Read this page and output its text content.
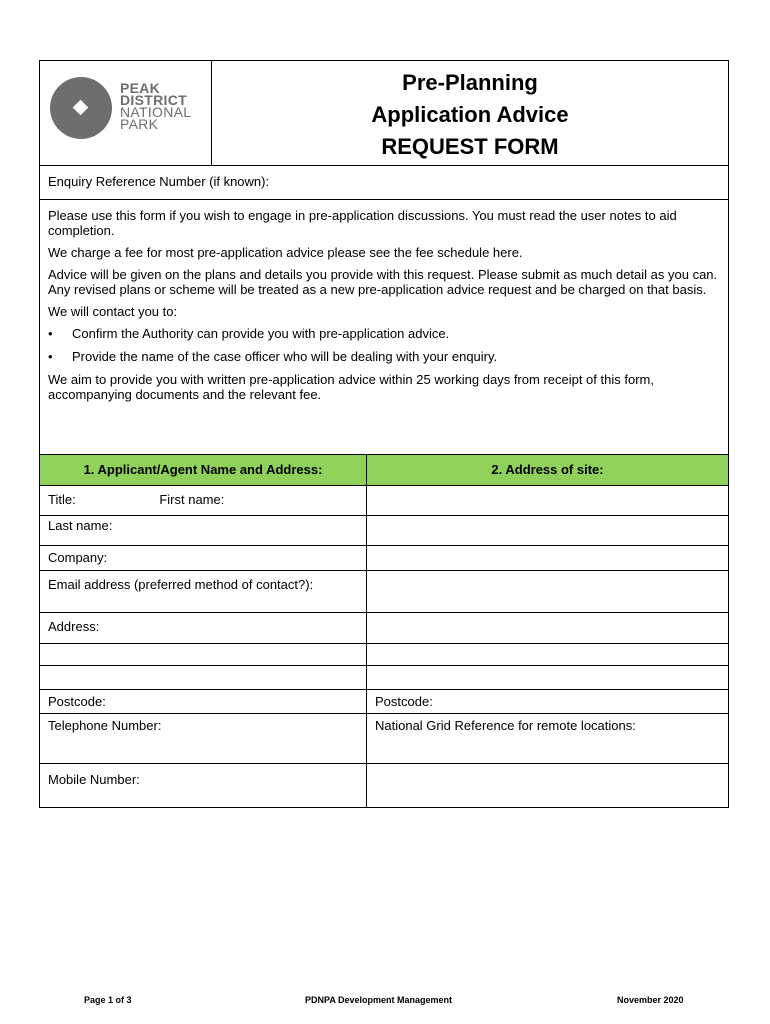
PEAK
DISTRICT
NATIONAL
PARK
Pre-Planning
Application Advice
REQUEST FORM
Enquiry Reference Number (if known):

Please use this form if you wish to engage in pre-application discussions. You must read the user notes to aid completion.

We charge a fee for most pre-application advice please see the fee schedule here.

Advice will be given on the plans and details you provide with this request. Please submit as much detail as you can. Any revised plans or scheme will be treated as a new pre-application advice request and be charged on that basis.

We will contact you to:

• Confirm the Authority can provide you with pre-application advice.
• Provide the name of the case officer who will be dealing with your enquiry.

We aim to provide you with written pre-application advice within 25 working days from receipt of this form, accompanying documents and the relevant fee.

1. Applicant/Agent Name and Address:	2. Address of site:
Title:	First name:
Last name:
Company:
Email address (preferred method of contact?):
Address:
Postcode:	Postcode:
Telephone Number:	National Grid Reference for remote locations:
Mobile Number:
Page 1 of 3	PDNPA Development Management	November 2020
